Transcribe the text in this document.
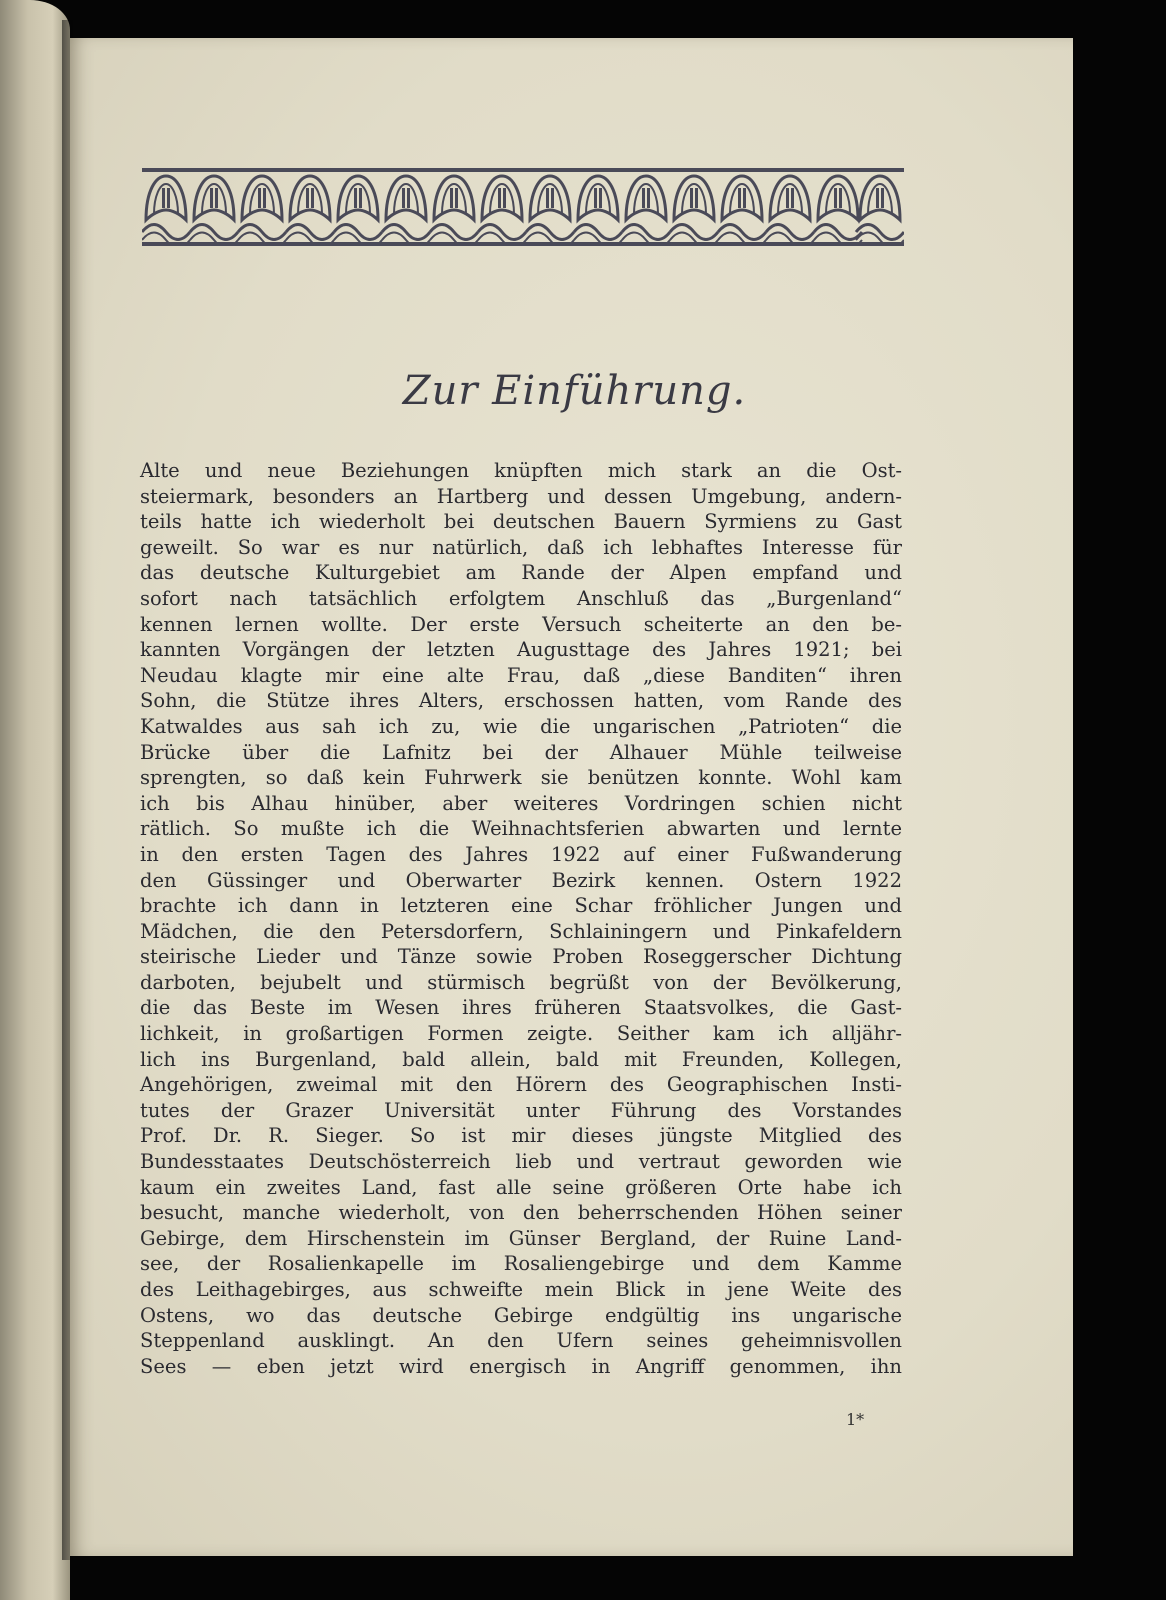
Zur Einführung.
Alte und neue Beziehungen knüpften mich stark an die Ost-
steiermark, besonders an Hartberg und dessen Umgebung, andern-
teils hatte ich wiederholt bei deutschen Bauern Syrmiens zu Gast
geweilt. So war es nur natürlich, daß ich lebhaftes Interesse für
das deutsche Kulturgebiet am Rande der Alpen empfand und
sofort nach tatsächlich erfolgtem Anschluß das „Burgenland“
kennen lernen wollte. Der erste Versuch scheiterte an den be-
kannten Vorgängen der letzten Augusttage des Jahres 1921; bei
Neudau klagte mir eine alte Frau, daß „diese Banditen“ ihren
Sohn, die Stütze ihres Alters, erschossen hatten, vom Rande des
Katwaldes aus sah ich zu, wie die ungarischen „Patrioten“ die
Brücke über die Lafnitz bei der Alhauer Mühle teilweise
sprengten, so daß kein Fuhrwerk sie benützen konnte. Wohl kam
ich bis Alhau hinüber, aber weiteres Vordringen schien nicht
rätlich. So mußte ich die Weihnachtsferien abwarten und lernte
in den ersten Tagen des Jahres 1922 auf einer Fußwanderung
den Güssinger und Oberwarter Bezirk kennen. Ostern 1922
brachte ich dann in letzteren eine Schar fröhlicher Jungen und
Mädchen, die den Petersdorfern, Schlainingern und Pinkafeldern
steirische Lieder und Tänze sowie Proben Roseggerscher Dichtung
darboten, bejubelt und stürmisch begrüßt von der Bevölkerung,
die das Beste im Wesen ihres früheren Staatsvolkes, die Gast-
lichkeit, in großartigen Formen zeigte. Seither kam ich alljähr-
lich ins Burgenland, bald allein, bald mit Freunden, Kollegen,
Angehörigen, zweimal mit den Hörern des Geographischen Insti-
tutes der Grazer Universität unter Führung des Vorstandes
Prof. Dr. R. Sieger. So ist mir dieses jüngste Mitglied des
Bundesstaates Deutschösterreich lieb und vertraut geworden wie
kaum ein zweites Land, fast alle seine größeren Orte habe ich
besucht, manche wiederholt, von den beherrschenden Höhen seiner
Gebirge, dem Hirschenstein im Günser Bergland, der Ruine Land-
see, der Rosalienkapelle im Rosaliengebirge und dem Kamme
des Leithagebirges, aus schweifte mein Blick in jene Weite des
Ostens, wo das deutsche Gebirge endgültig ins ungarische
Steppenland ausklingt. An den Ufern seines geheimnisvollen
Sees — eben jetzt wird energisch in Angriff genommen, ihn
1*
